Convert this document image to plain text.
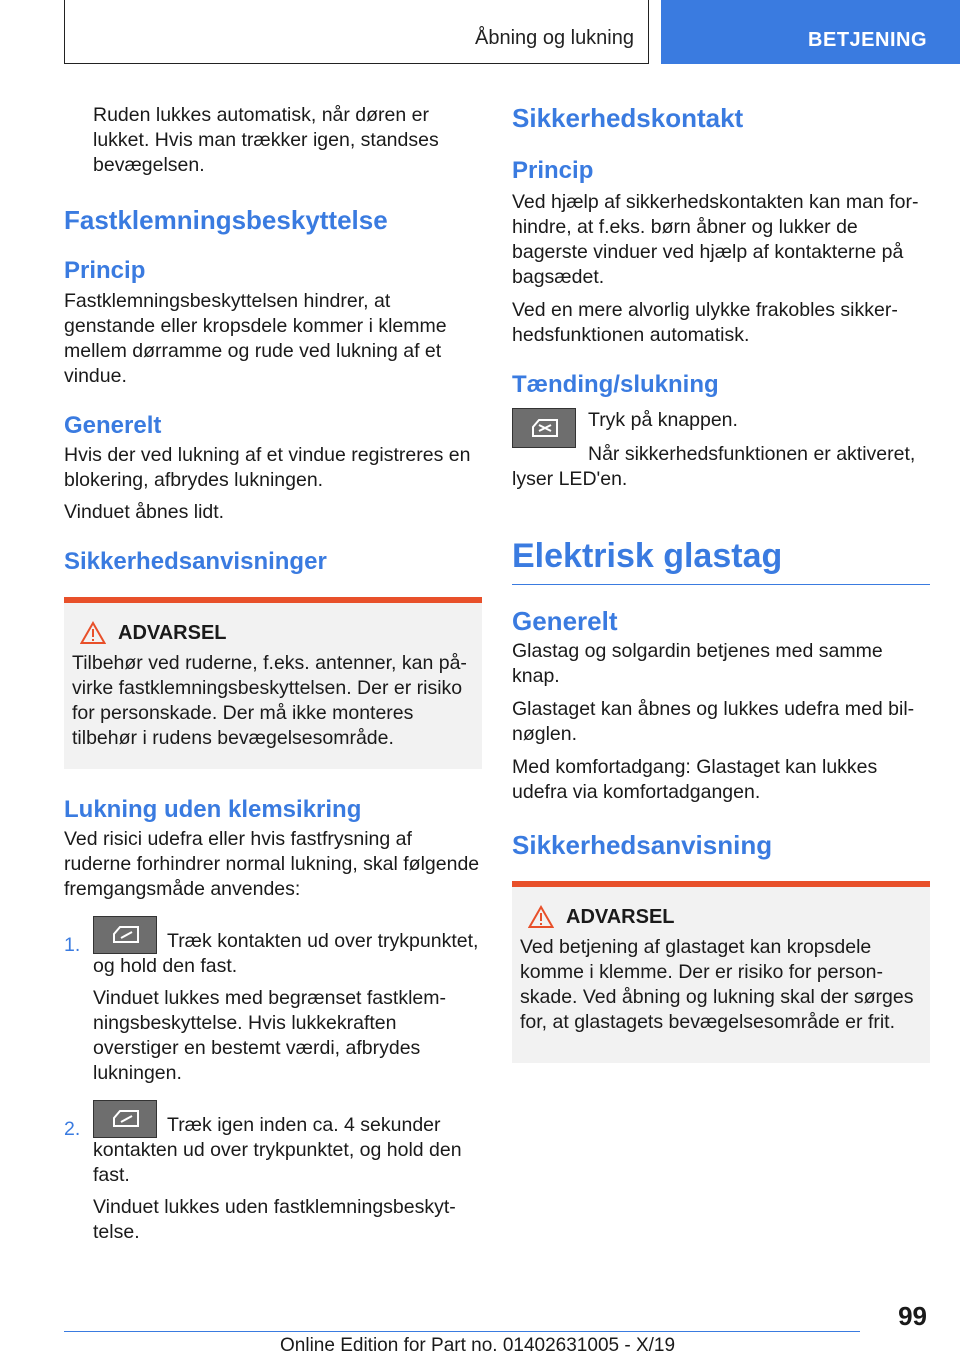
Åbning og lukning	BETJENING

Ruden lukkes automatisk, når døren er lukket. Hvis man trækker igen, standses bevægelsen.

Fastklemningsbeskyttelse
Princip

Fastklemningsbeskyttelsen hindrer, at genstande eller kropsdele kommer i klemme mellem dørramme og rude ved lukning af et vindue.

Generelt

Hvis der ved lukning af et vindue registreres en blokering, afbrydes lukningen.

Vinduet åbnes lidt.

Sikkerhedsanvisninger
ADVARSEL

Tilbehør ved ruderne, f.eks. antenner, kan påvirke fastklemningsbeskyttelsen. Der er risiko for personskade. Der må ikke monteres tilbehør i rudens bevægelsesområde.

Lukning uden klemsikring

Ved risici udefra eller hvis fastfrysning af ruderne forhindrer normal lukning, skal følgende fremgangsmåde anvendes:

1.	Træk kontakten ud over trykpunktet, og hold den fast.

Vinduet lukkes med begrænset fastklemningsbeskyttelse. Hvis lukkekraften overstiger en bestemt værdi, afbrydes lukningen.

2.	Træk igen inden ca. 4 sekunder kontakten ud over trykpunktet, og hold den fast.

Vinduet lukkes uden fastklemningsbeskyttelse.

Sikkerhedskontakt
Princip

Ved hjælp af sikkerhedskontakten kan man forhindre, at f.eks. børn åbner og lukker de bagerste vinduer ved hjælp af kontakterne på bagsædet.

Ved en mere alvorlig ulykke frakobles sikkerhedsfunktionen automatisk.

Tænding/slukning

Tryk på knappen.

Når sikkerhedsfunktionen er aktiveret, lyser LED'en.

Elektrisk glastag
Generelt

Glastag og solgardin betjenes med samme knap.

Glastaget kan åbnes og lukkes udefra med bilnøglen.

Med komfortadgang: Glastaget kan lukkes udefra via komfortadgangen.

Sikkerhedsanvisning
ADVARSEL

Ved betjening af glastaget kan kropsdele komme i klemme. Der er risiko for personskade. Ved åbning og lukning skal der sørges for, at glastagets bevægelsesområde er frit.

99
Online Edition for Part no. 01402631005 - X/19
